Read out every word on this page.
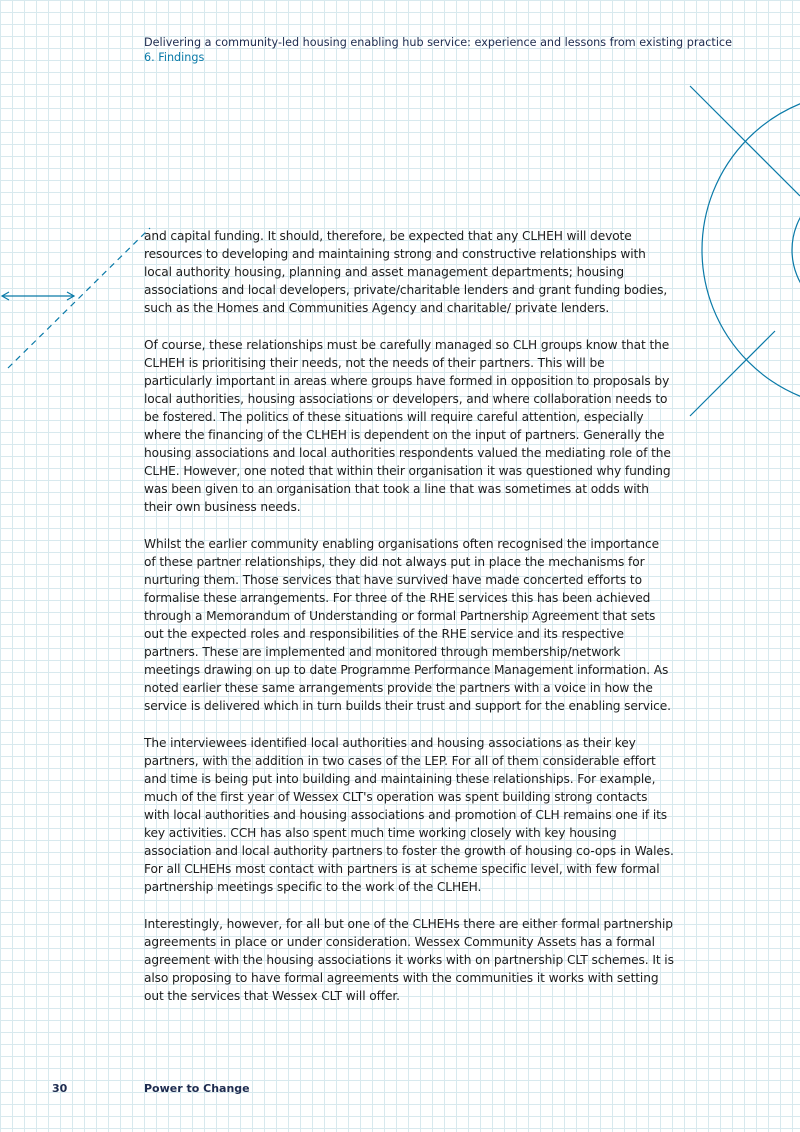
Delivering a community-led housing enabling hub service: experience and lessons from existing practice
6. Findings

and capital funding. It should, therefore, be expected that any CLHEH will devote resources to developing and maintaining strong and constructive relationships with local authority housing, planning and asset management departments; housing associations and local developers, private/charitable lenders and grant funding bodies, such as the Homes and Communities Agency and charitable/ private lenders.

Of course, these relationships must be carefully managed so CLH groups know that the CLHEH is prioritising their needs, not the needs of their partners. This will be particularly important in areas where groups have formed in opposition to proposals by local authorities, housing associations or developers, and where collaboration needs to be fostered. The politics of these situations will require careful attention, especially where the financing of the CLHEH is dependent on the input of partners. Generally the housing associations and local authorities respondents valued the mediating role of the CLHE. However, one noted that within their organisation it was questioned why funding was been given to an organisation that took a line that was sometimes at odds with their own business needs.

Whilst the earlier community enabling organisations often recognised the importance of these partner relationships, they did not always put in place the mechanisms for nurturing them. Those services that have survived have made concerted efforts to formalise these arrangements. For three of the RHE services this has been achieved through a Memorandum of Understanding or formal Partnership Agreement that sets out the expected roles and responsibilities of the RHE service and its respective partners. These are implemented and monitored through membership/network meetings drawing on up to date Programme Performance Management information. As noted earlier these same arrangements provide the partners with a voice in how the service is delivered which in turn builds their trust and support for the enabling service.

The interviewees identified local authorities and housing associations as their key partners, with the addition in two cases of the LEP. For all of them considerable effort and time is being put into building and maintaining these relationships. For example, much of the first year of Wessex CLT's operation was spent building strong contacts with local authorities and housing associations and promotion of CLH remains one if its key activities. CCH has also spent much time working closely with key housing association and local authority partners to foster the growth of housing co-ops in Wales. For all CLHEHs most contact with partners is at scheme specific level, with few formal partnership meetings specific to the work of the CLHEH.

Interestingly, however, for all but one of the CLHEHs there are either formal partnership agreements in place or under consideration. Wessex Community Assets has a formal agreement with the housing associations it works with on partnership CLT schemes. It is also proposing to have formal agreements with the communities it works with setting out the services that Wessex CLT will offer.

30	Power to Change
